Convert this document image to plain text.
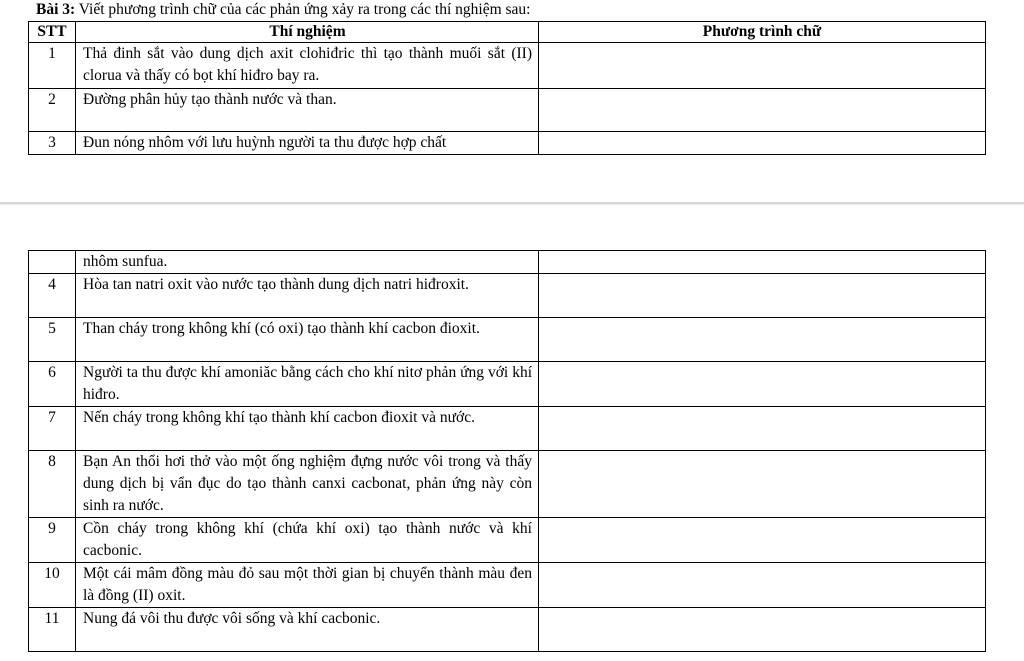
Bài 3: Viết phương trình chữ của các phản ứng xảy ra trong các thí nghiệm sau:
STT	Thí nghiệm	Phương trình chữ
1	Thả đinh sắt vào dung dịch axit clohiđric thì tạo thành muối sắt (II) clorua và thấy có bọt khí hiđro bay ra.	
2	Đường phân hủy tạo thành nước và than.	
3	Đun nóng nhôm với lưu huỳnh người ta thu được hợp chất	
	nhôm sunfua.	
4	Hòa tan natri oxit vào nước tạo thành dung dịch natri hiđroxit.	
5	Than cháy trong không khí (có oxi) tạo thành khí cacbon đioxit.	
6	Người ta thu được khí amoniăc bằng cách cho khí nitơ phản ứng với khí hiđro.	
7	Nến cháy trong không khí tạo thành khí cacbon đioxit và nước.	
8	Bạn An thổi hơi thở vào một ống nghiệm đựng nước vôi trong và thấy dung dịch bị vẩn đục do tạo thành canxi cacbonat, phản ứng này còn sinh ra nước.	
9	Cồn cháy trong không khí (chứa khí oxi) tạo thành nước và khí cacbonic.	
10	Một cái mâm đồng màu đỏ sau một thời gian bị chuyển thành màu đen là đồng (II) oxit.	
11	Nung đá vôi thu được vôi sống và khí cacbonic.	
